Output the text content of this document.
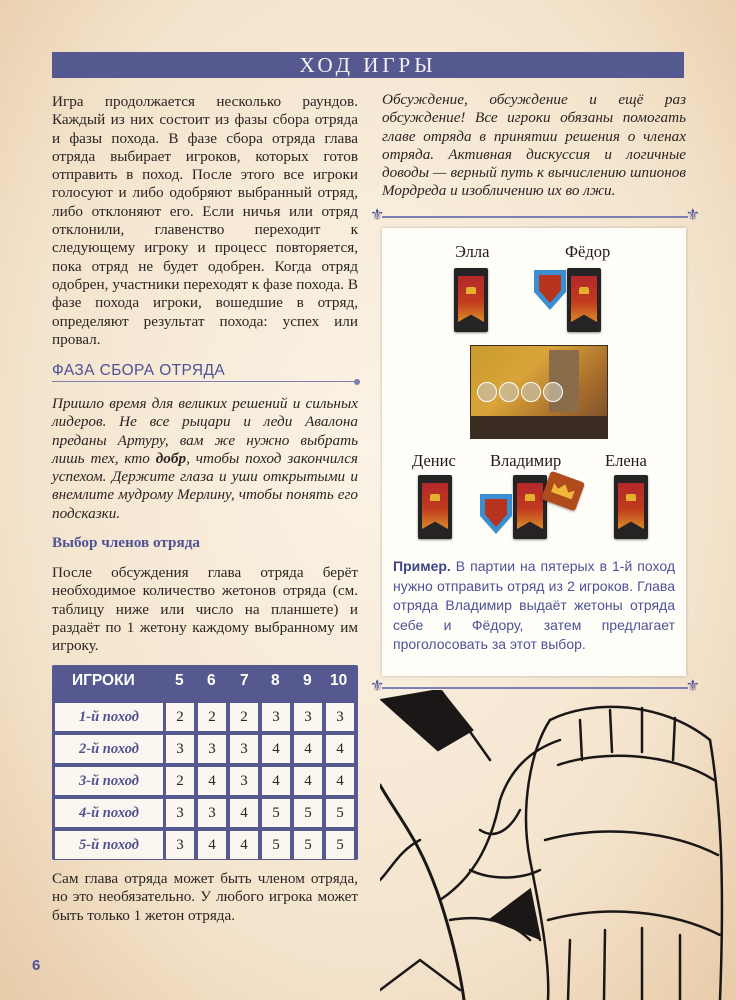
ХОД ИГРЫ

Игра продолжается несколько раундов. Каждый из них состоит из фазы сбора отряда и фазы похода. В фазе сбора отряда глава отряда выбирает игроков, которых готов отправить в поход. После этого все игроки голосуют и либо одобряют выбранный отряд, либо отклоняют его. Если ничья или отряд отклонили, главенство переходит к следующему игроку и процесс повторяется, пока отряд не будет одобрен. Когда отряд одобрен, участники переходят к фазе похода. В фазе похода игроки, вошедшие в отряд, определяют результат похода: успех или провал.

ФАЗА СБОРА ОТРЯДА

Пришло время для великих решений и сильных лидеров. Не все рыцари и леди Авалона преданы Артуру, вам же нужно выбрать лишь тех, кто добр, чтобы поход закончился успехом. Держите глаза и уши открытыми и внемлите мудрому Мерлину, чтобы понять его подсказки.

Выбор членов отряда

После обсуждения глава отряда берёт необходимое количество жетонов отряда (см. таблицу ниже или число на планшете) и раздаёт по 1 жетону каждому выбранному им игроку.

ИГРОКИ	5 6 7 8 9 10
1-й поход	2	2	2	3	3	3
2-й поход	3	3	3	4	4	4
3-й поход	2	4	3	4	4	4
4-й поход	3	3	4	5	5	5
5-й поход	3	4	4	5	5	5

Сам глава отряда может быть членом отряда, но это необязательно. У любого игрока может быть только 1 жетон отряда.

Обсуждение, обсуждение и ещё раз обсуждение! Все игроки обязаны помогать главе отряда в принятии решения о членах отряда. Активная дискуссия и логичные доводы — верный путь к вычислению шпионов Мордреда и изобличению их во лжи.

⚜	⚜
Элла	Фёдор
Денис Владимир	Елена
Пример. В партии на пятерых в 1-й поход нужно отправить отряд из 2 игроков. Глава отряда Владимир выдаёт жетоны отряда себе и Фёдору, затем предлагает проголосовать за этот выбор.
⚜	⚜
6
